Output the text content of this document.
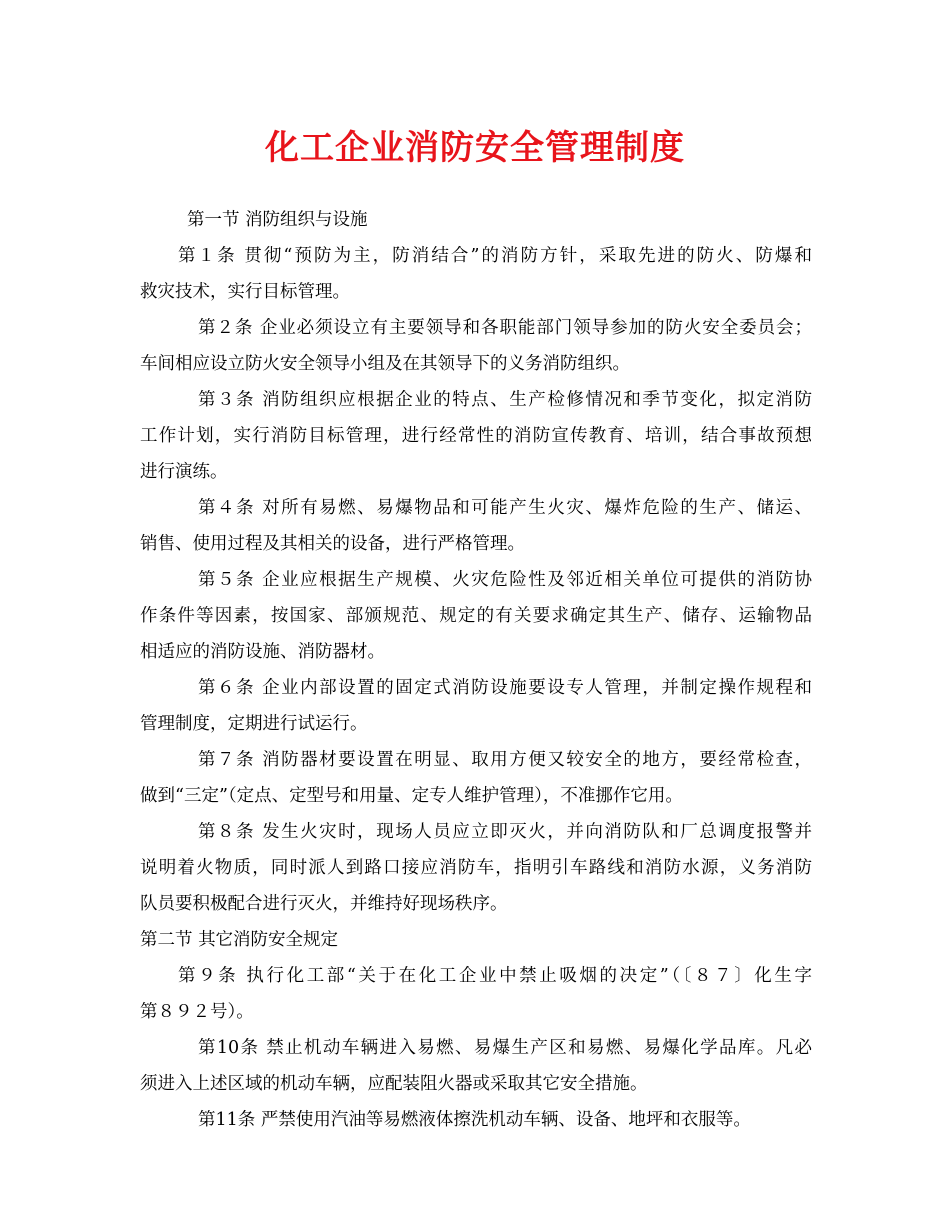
化工企业消防安全管理制度
第一节 消防组织与设施
第１条 贯彻“预防为主，防消结合”的消防方针，采取先进的防火、防爆和
救灾技术，实行目标管理。
第２条 企业必须设立有主要领导和各职能部门领导参加的防火安全委员会；
车间相应设立防火安全领导小组及在其领导下的义务消防组织。
第３条 消防组织应根据企业的特点、生产检修情况和季节变化，拟定消防
工作计划，实行消防目标管理，进行经常性的消防宣传教育、培训，结合事故预想
进行演练。
第４条 对所有易燃、易爆物品和可能产生火灾、爆炸危险的生产、储运、
销售、使用过程及其相关的设备，进行严格管理。
第５条 企业应根据生产规模、火灾危险性及邻近相关单位可提供的消防协
作条件等因素，按国家、部颁规范、规定的有关要求确定其生产、储存、运输物品
相适应的消防设施、消防器材。
第６条 企业内部设置的固定式消防设施要设专人管理，并制定操作规程和
管理制度，定期进行试运行。
第７条 消防器材要设置在明显、取用方便又较安全的地方，要经常检查，
做到“三定”（定点、定型号和用量、定专人维护管理），不准挪作它用。
第８条 发生火灾时，现场人员应立即灭火，并向消防队和厂总调度报警并
说明着火物质，同时派人到路口接应消防车，指明引车路线和消防水源，义务消防
队员要积极配合进行灭火，并维持好现场秩序。
第二节 其它消防安全规定
第９条 执行化工部“关于在化工企业中禁止吸烟的决定”（〔８７〕化生字
第８９２号）。
第10条 禁止机动车辆进入易燃、易爆生产区和易燃、易爆化学品库。凡必
须进入上述区域的机动车辆，应配装阻火器或采取其它安全措施。
第11条 严禁使用汽油等易燃液体擦洗机动车辆、设备、地坪和衣服等。
